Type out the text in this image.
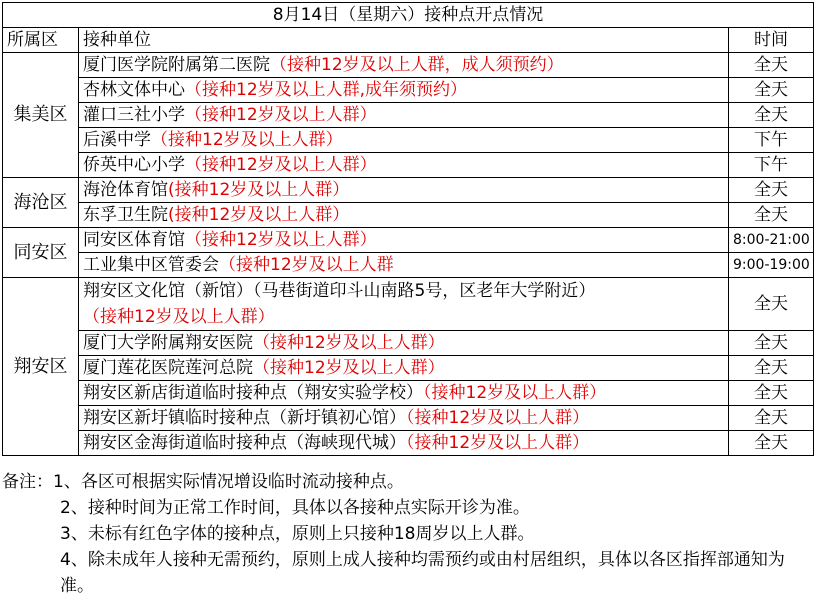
8月14日（星期六）接种点开点情况		
所属区	接种单位	时间
集美区	厦门医学院附属第二医院（接种12岁及以上人群，成人须预约）	全天
	杏林文体中心（接种12岁及以上人群,成年须预约）	全天
	灌口三社小学（接种12岁及以上人群）	全天
	后溪中学（接种12岁及以上人群）	下午
	侨英中心小学（接种12岁及以上人群）	下午
海沧区	海沧体育馆(接种12岁及以上人群）	全天
	东孚卫生院(接种12岁及以上人群）	全天
同安区	同安区体育馆（接种12岁及以上人群）	8:00-21:00
	工业集中区管委会（接种12岁及以上人群	9:00-19:00
翔安区	翔安区文化馆（新馆）（马巷街道印斗山南路5号，区老年大学附近）
（接种12岁及以上人群）	全天
	厦门大学附属翔安医院（接种12岁及以上人群）	全天
	厦门莲花医院莲河总院（接种12岁及以上人群）	全天
	翔安区新店街道临时接种点（翔安实验学校）（接种12岁及以上人群）	全天
	翔安区新圩镇临时接种点（新圩镇初心馆）（接种12岁及以上人群）	全天
	翔安区金海街道临时接种点（海峡现代城）（接种12岁及以上人群）	全天

备注：1、各区可根据实际情况增设临时流动接种点。

2、接种时间为正常工作时间，具体以各接种点实际开诊为准。

3、未标有红色字体的接种点，原则上只接种18周岁以上人群。

4、除未成年人接种无需预约，原则上成人接种均需预约或由村居组织，具体以各区指挥部通知为准。
